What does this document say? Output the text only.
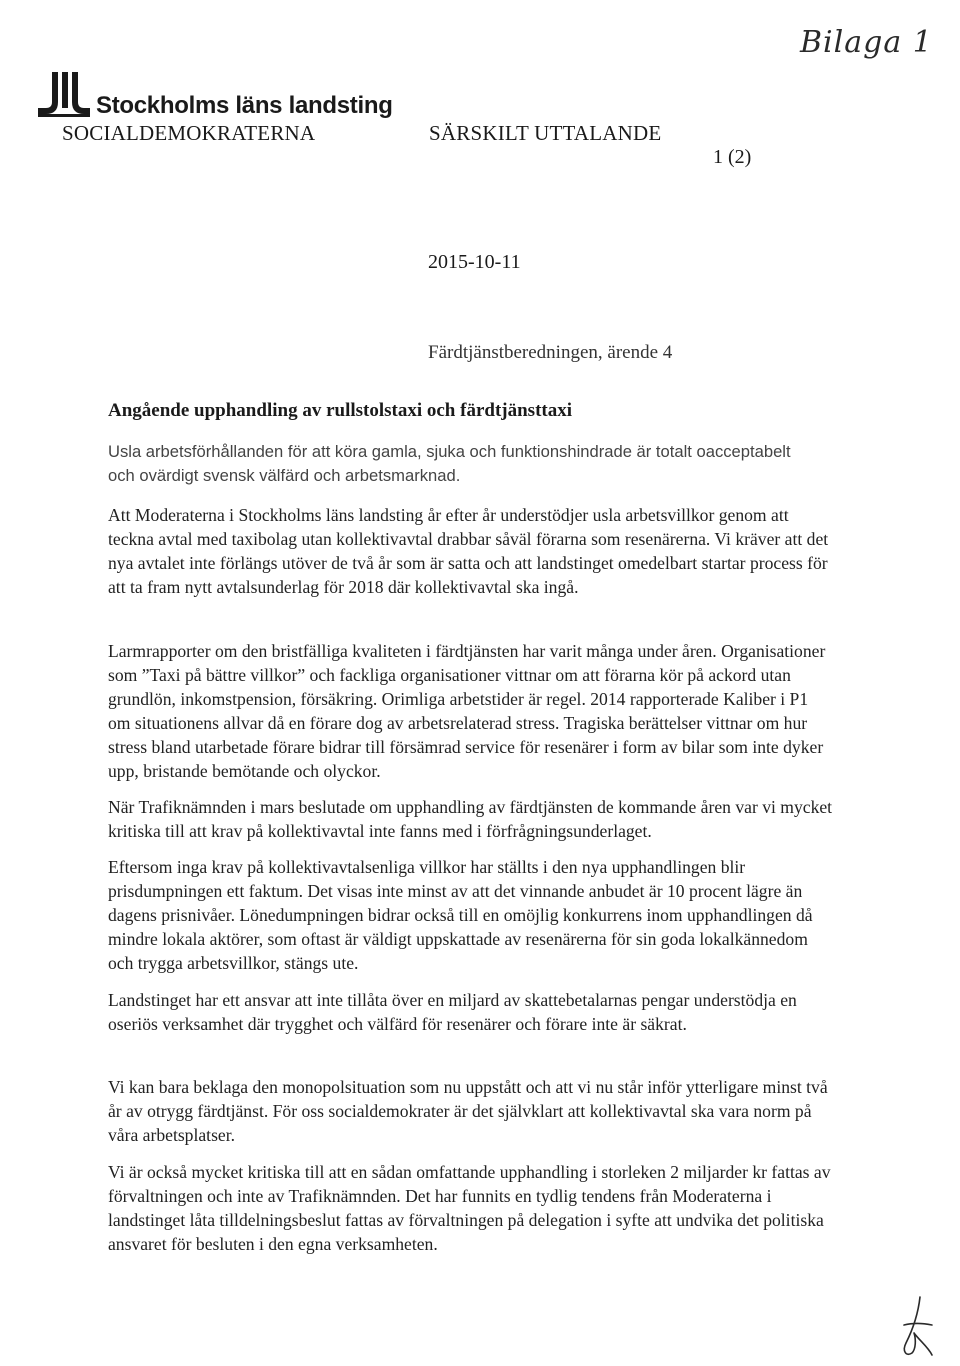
Bilaga 1
Stockholms läns landsting
SOCIALDEMOKRATERNA	SÄRSKILT UTTALANDE
1 (2)
2015-10-11
Färdtjänstberedningen, ärende 4
Angående upphandling av rullstolstaxi och färdtjänsttaxi

Usla arbetsförhållanden för att köra gamla, sjuka och funktionshindrade är totalt oacceptabelt och ovärdigt svensk välfärd och arbetsmarknad.

Att Moderaterna i Stockholms läns landsting år efter år understödjer usla arbetsvillkor genom att teckna avtal med taxibolag utan kollektivavtal drabbar såväl förarna som resenärerna. Vi kräver att det nya avtalet inte förlängs utöver de två år som är satta och att landstinget omedelbart startar process för att ta fram nytt avtalsunderlag för 2018 där kollektivavtal ska ingå.

Larmrapporter om den bristfälliga kvaliteten i färdtjänsten har varit många under åren. Organisationer som ”Taxi på bättre villkor” och fackliga organisationer vittnar om att förarna kör på ackord utan grundlön, inkomstpension, försäkring. Orimliga arbetstider är regel. 2014 rapporterade Kaliber i P1 om situationens allvar då en förare dog av arbetsrelaterad stress. Tragiska berättelser vittnar om hur stress bland utarbetade förare bidrar till försämrad service för resenärer i form av bilar som inte dyker upp, bristande bemötande och olyckor.

När Trafiknämnden i mars beslutade om upphandling av färdtjänsten de kommande åren var vi mycket kritiska till att krav på kollektivavtal inte fanns med i förfrågningsunderlaget.

Eftersom inga krav på kollektivavtalsenliga villkor har ställts i den nya upphandlingen blir prisdumpningen ett faktum. Det visas inte minst av att det vinnande anbudet är 10 procent lägre än dagens prisnivåer. Lönedumpningen bidrar också till en omöjlig konkurrens inom upphandlingen då mindre lokala aktörer, som oftast är väldigt uppskattade av resenärerna för sin goda lokalkännedom och trygga arbetsvillkor, stängs ute.

Landstinget har ett ansvar att inte tillåta över en miljard av skattebetalarnas pengar understödja en oseriös verksamhet där trygghet och välfärd för resenärer och förare inte är säkrat.

Vi kan bara beklaga den monopolsituation som nu uppstått och att vi nu står inför ytterligare minst två år av otrygg färdtjänst. För oss socialdemokrater är det självklart att kollektivavtal ska vara norm på våra arbetsplatser.

Vi är också mycket kritiska till att en sådan omfattande upphandling i storleken 2 miljarder kr fattas av förvaltningen och inte av Trafiknämnden. Det har funnits en tydlig tendens från Moderaterna i landstinget låta tilldelningsbeslut fattas av förvaltningen på delegation i syfte att undvika det politiska ansvaret för besluten i den egna verksamheten.
